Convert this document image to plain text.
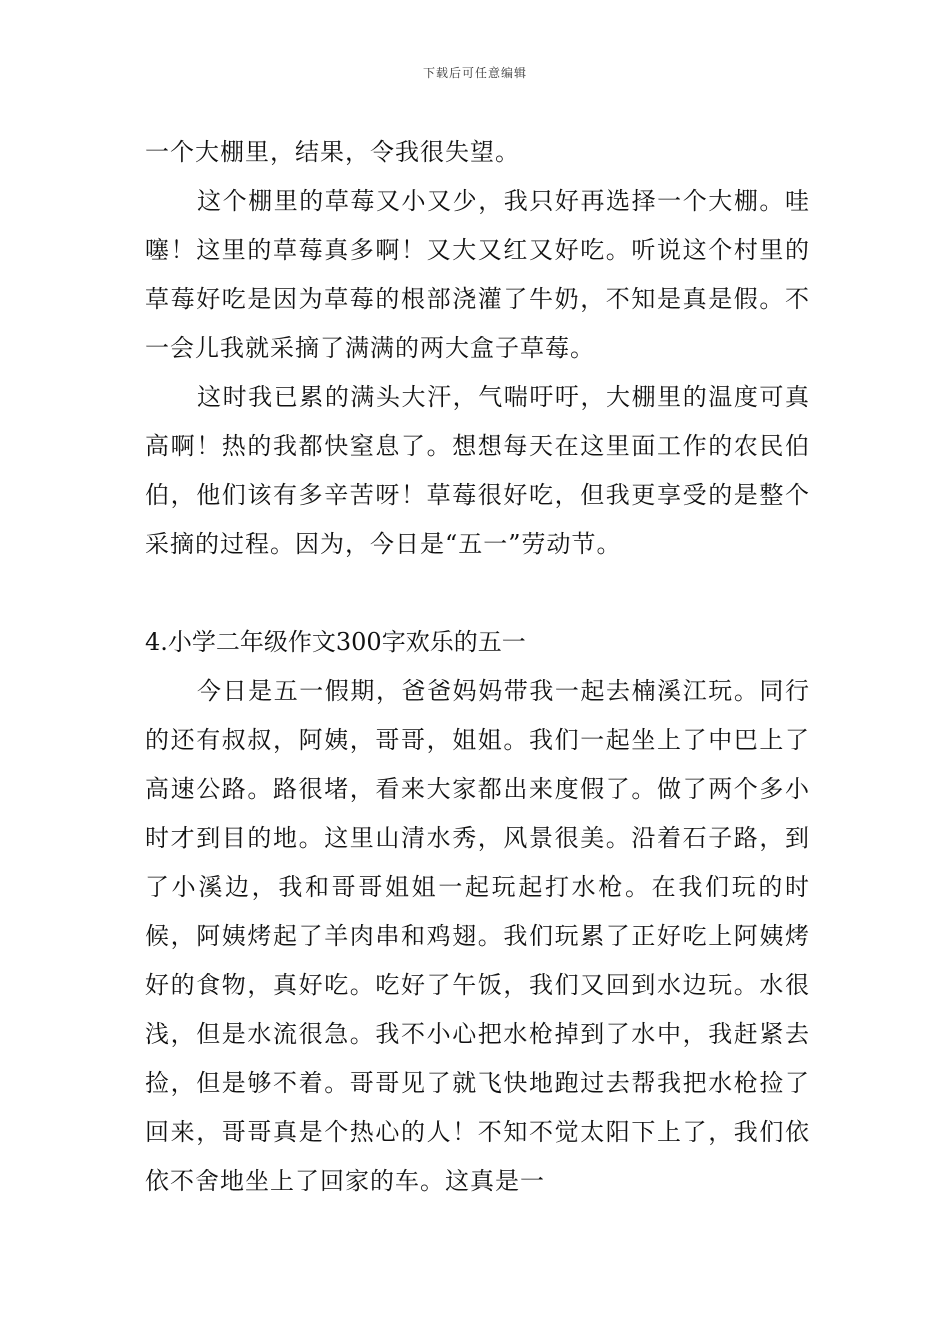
下载后可任意编辑

一个大棚里，结果，令我很失望。

这个棚里的草莓又小又少，我只好再选择一个大棚。哇噻！这里的草莓真多啊！又大又红又好吃。听说这个村里的草莓好吃是因为草莓的根部浇灌了牛奶，不知是真是假。不一会儿我就采摘了满满的两大盒子草莓。

这时我已累的满头大汗，气喘吁吁，大棚里的温度可真高啊！热的我都快窒息了。想想每天在这里面工作的农民伯伯，他们该有多辛苦呀！草莓很好吃，但我更享受的是整个采摘的过程。因为，今日是“五一”劳动节。

4.小学二年级作文300字欢乐的五一

今日是五一假期，爸爸妈妈带我一起去楠溪江玩。同行的还有叔叔，阿姨，哥哥，姐姐。我们一起坐上了中巴上了高速公路。路很堵，看来大家都出来度假了。做了两个多小时才到目的地。这里山清水秀，风景很美。沿着石子路，到了小溪边，我和哥哥姐姐一起玩起打水枪。在我们玩的时候，阿姨烤起了羊肉串和鸡翅。我们玩累了正好吃上阿姨烤好的食物，真好吃。吃好了午饭，我们又回到水边玩。水很浅，但是水流很急。我不小心把水枪掉到了水中，我赶紧去捡，但是够不着。哥哥见了就飞快地跑过去帮我把水枪捡了回来，哥哥真是个热心的人！不知不觉太阳下上了，我们依依不舍地坐上了回家的车。这真是一
